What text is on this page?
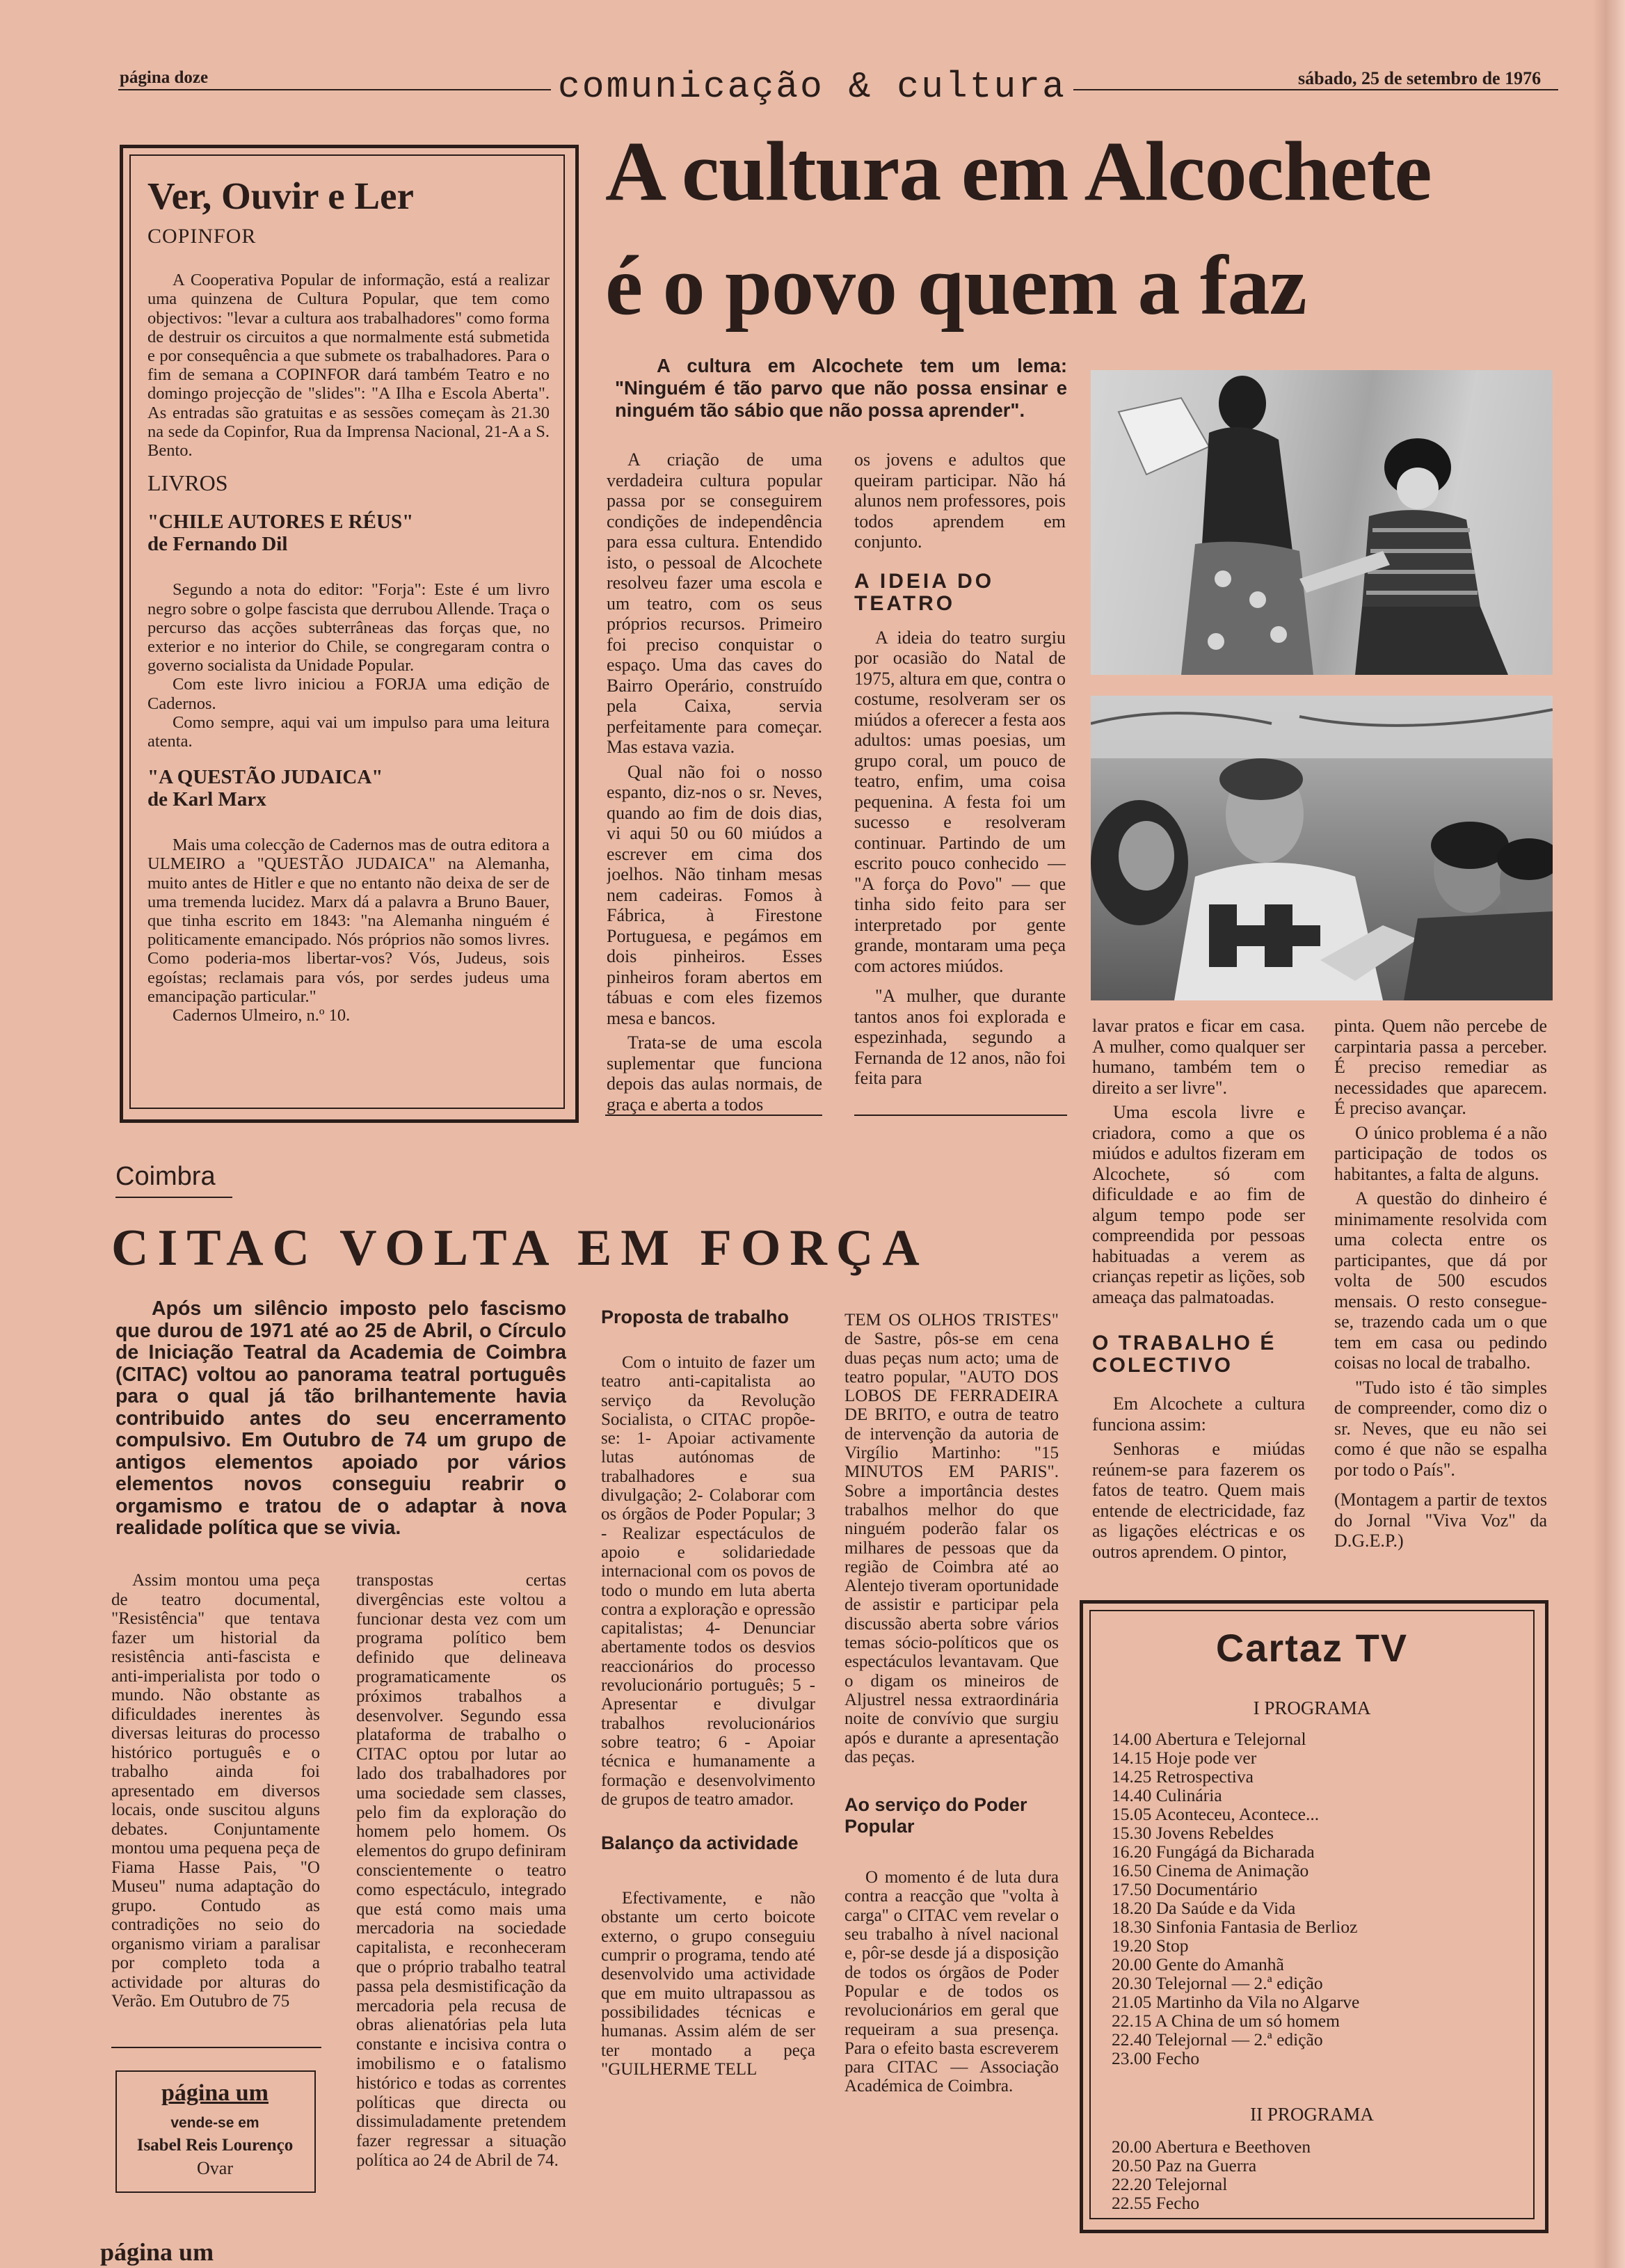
página doze	comunicação & cultura	sábado, 25 de setembro de 1976
Ver, Ouvir e Ler
COPINFOR

A Cooperativa Popular de informação, está a realizar uma quinzena de Cultura Popular, que tem como objectivos: "levar a cultura aos trabalhadores" como forma de destruir os circuitos a que normalmente está submetida e por consequência a que submete os trabalhadores. Para o fim de semana a COPINFOR dará também Teatro e no domingo projecção de "slides": "A Ilha e Escola Aberta". As entradas são gratuitas e as sessões começam às 21.30 na sede da Copinfor, Rua da Imprensa Nacional, 21-A a S. Bento.

LIVROS
"CHILE AUTORES E RÉUS"
de Fernando Dil

Segundo a nota do editor: "Forja": Este é um livro negro sobre o golpe fascista que derrubou Allende. Traça o percurso das acções subterrâneas das forças que, no exterior e no interior do Chile, se congregaram contra o governo socialista da Unidade Popular.

Com este livro iniciou a FORJA uma edição de Cadernos.

Como sempre, aqui vai um impulso para uma leitura atenta.

"A QUESTÃO JUDAICA"
de Karl Marx

Mais uma colecção de Cadernos mas de outra editora a ULMEIRO a "QUESTÃO JUDAICA" na Alemanha, muito antes de Hitler e que no entanto não deixa de ser de uma tremenda lucidez. Marx dá a palavra a Bruno Bauer, que tinha escrito em 1843: "na Alemanha ninguém é politicamente emancipado. Nós próprios não somos livres. Como poderia-mos libertar-vos? Vós, Judeus, sois egoístas; reclamais para vós, por serdes judeus uma emancipação particular."

Cadernos Ulmeiro, n.º 10.

A cultura em Alcochete
é o povo quem a faz
A cultura em Alcochete tem um lema: "Ninguém é tão parvo que não possa ensinar e ninguém tão sábio que não possa aprender".

A criação de uma verdadeira cultura popular passa por se conseguirem condições de independência para essa cultura. Entendido isto, o pessoal de Alcochete resolveu fazer uma escola e um teatro, com os seus próprios recursos. Primeiro foi preciso conquistar o espaço. Uma das caves do Bairro Operário, construído pela Caixa, servia perfeitamente para começar. Mas estava vazia.

Qual não foi o nosso espanto, diz-nos o sr. Neves, quando ao fim de dois dias, vi aqui 50 ou 60 miúdos a escrever em cima dos joelhos. Não tinham mesas nem cadeiras. Fomos à Fábrica, à Firestone Portuguesa, e pegámos em dois pinheiros. Esses pinheiros foram abertos em tábuas e com eles fizemos mesa e bancos.

Trata-se de uma escola suplementar que funciona depois das aulas normais, de graça e aberta a todos

os jovens e adultos que queiram participar. Não há alunos nem professores, pois todos aprendem em conjunto.

A IDEIA DO TEATRO

A ideia do teatro surgiu por ocasião do Natal de 1975, altura em que, contra o costume, resolveram ser os miúdos a oferecer a festa aos adultos: umas poesias, um grupo coral, um pouco de teatro, enfim, uma coisa pequenina. A festa foi um sucesso e resolveram continuar. Partindo de um escrito pouco conhecido — "A força do Povo" — que tinha sido feito para ser interpretado por gente grande, montaram uma peça com actores miúdos.

"A mulher, que durante tantos anos foi explorada e espezinhada, segundo a Fernanda de 12 anos, não foi feita para

lavar pratos e ficar em casa. A mulher, como qualquer ser humano, também tem o direito a ser livre".

Uma escola livre e criadora, como a que os miúdos e adultos fizeram em Alcochete, só com dificuldade e ao fim de algum tempo pode ser compreendida por pessoas habituadas a verem as crianças repetir as lições, sob ameaça das palmatoadas.

O TRABALHO É COLECTIVO

Em Alcochete a cultura funciona assim:

Senhoras e miúdas reúnem-se para fazerem os fatos de teatro. Quem mais entende de electricidade, faz as ligações eléctricas e os outros aprendem. O pintor,

pinta. Quem não percebe de carpintaria passa a perceber. É preciso remediar as necessidades que aparecem. É preciso avançar.

O único problema é a não participação de todos os habitantes, a falta de alguns.

A questão do dinheiro é minimamente resolvida com uma colecta entre os participantes, que dá por volta de 500 escudos mensais. O resto consegue-se, trazendo cada um o que tem em casa ou pedindo coisas no local de trabalho.

"Tudo isto é tão simples de compreender, como diz o sr. Neves, que eu não sei como é que não se espalha por todo o País".

(Montagem a partir de textos do Jornal "Viva Voz" da D.G.E.P.)

Coimbra
CITAC VOLTA EM FORÇA
Após um silêncio imposto pelo fascismo que durou de 1971 até ao 25 de Abril, o Círculo de Iniciação Teatral da Academia de Coimbra (CITAC) voltou ao panorama teatral português para o qual já tão brilhantemente havia contribuido antes do seu encerramento compulsivo. Em Outubro de 74 um grupo de antigos elementos apoiado por vários elementos novos conseguiu reabrir o orgamismo e tratou de o adaptar à nova realidade política que se vivia.

Assim montou uma peça de teatro documental, "Resistência" que tentava fazer um historial da resistência anti-fascista e anti-imperialista por todo o mundo. Não obstante as dificuldades inerentes às diversas leituras do processo histórico português e o trabalho ainda foi apresentado em diversos locais, onde suscitou alguns debates. Conjuntamente montou uma pequena peça de Fiama Hasse Pais, "O Museu" numa adaptação do grupo. Contudo as contradições no seio do organismo viriam a paralisar por completo toda a actividade por alturas do Verão. Em Outubro de 75

transpostas certas divergências este voltou a funcionar desta vez com um programa político bem definido que delineava programaticamente os próximos trabalhos a desenvolver. Segundo essa plataforma de trabalho o CITAC optou por lutar ao lado dos trabalhadores por uma sociedade sem classes, pelo fim da exploração do homem pelo homem. Os elementos do grupo definiram conscientemente o teatro como espectáculo, integrado que está como mais uma mercadoria na sociedade capitalista, e reconheceram que o próprio trabalho teatral passa pela desmistificação da mercadoria pela recusa de obras alienatórias pela luta constante e incisiva contra o imobilismo e o fatalismo histórico e todas as correntes políticas que directa ou dissimuladamente pretendem fazer regressar a situação política ao 24 de Abril de 74.

Proposta de trabalho

Com o intuito de fazer um teatro anti-capitalista ao serviço da Revolução Socialista, o CITAC propõe-se: 1- Apoiar activamente lutas autónomas de trabalhadores e sua divulgação; 2- Colaborar com os órgãos de Poder Popular; 3 - Realizar espectáculos de apoio e solidariedade internacional com os povos de todo o mundo em luta aberta contra a exploração e opressão capitalistas; 4- Denunciar abertamente todos os desvios reaccionários do processo revolucionário português; 5 - Apresentar e divulgar trabalhos revolucionários sobre teatro; 6 - Apoiar técnica e humanamente a formação e desenvolvimento de grupos de teatro amador.

Balanço da actividade

Efectivamente, e não obstante um certo boicote externo, o grupo conseguiu cumprir o programa, tendo até desenvolvido uma actividade que em muito ultrapassou as possibilidades técnicas e humanas. Assim além de ser ter montado a peça "GUILHERME TELL

TEM OS OLHOS TRISTES" de Sastre, pôs-se em cena duas peças num acto; uma de teatro popular, "AUTO DOS LOBOS DE FERRADEIRA DE BRITO, e outra de teatro de intervenção da autoria de Virgílio Martinho: "15 MINUTOS EM PARIS". Sobre a importância destes trabalhos melhor do que ninguém poderão falar os milhares de pessoas que da região de Coimbra até ao Alentejo tiveram oportunidade de assistir e participar pela discussão aberta sobre vários temas sócio-políticos que os espectáculos levantavam. Que o digam os mineiros de Aljustrel nessa extraordinária noite de convívio que surgiu após e durante a apresentação das peças.

Ao serviço do Poder Popular

O momento é de luta dura contra a reacção que "volta à carga" o CITAC vem revelar o seu trabalho à nível nacional e, pôr-se desde já a disposição de todos os órgãos de Poder Popular e de todos os revolucionários em geral que requeiram a sua presença. Para o efeito basta escreverem para CITAC — Associação Académica de Coimbra.

Cartaz TV
I PROGRAMA
14.00 Abertura e Telejornal
14.15 Hoje pode ver
14.25 Retrospectiva
14.40 Culinária
15.05 Aconteceu, Acontece...
15.30 Jovens Rebeldes
16.20 Fungágá da Bicharada
16.50 Cinema de Animação
17.50 Documentário
18.20 Da Saúde e da Vida
18.30 Sinfonia Fantasia de Berlioz
19.20 Stop
20.00 Gente do Amanhã
20.30 Telejornal — 2.ª edição
21.05 Martinho da Vila no Algarve
22.15 A China de um só homem
22.40 Telejornal — 2.ª edição
23.00 Fecho
II PROGRAMA
20.00 Abertura e Beethoven
20.50 Paz na Guerra
22.20 Telejornal
22.55 Fecho
página um
vende-se em
Isabel Reis Lourenço
Ovar
página um
